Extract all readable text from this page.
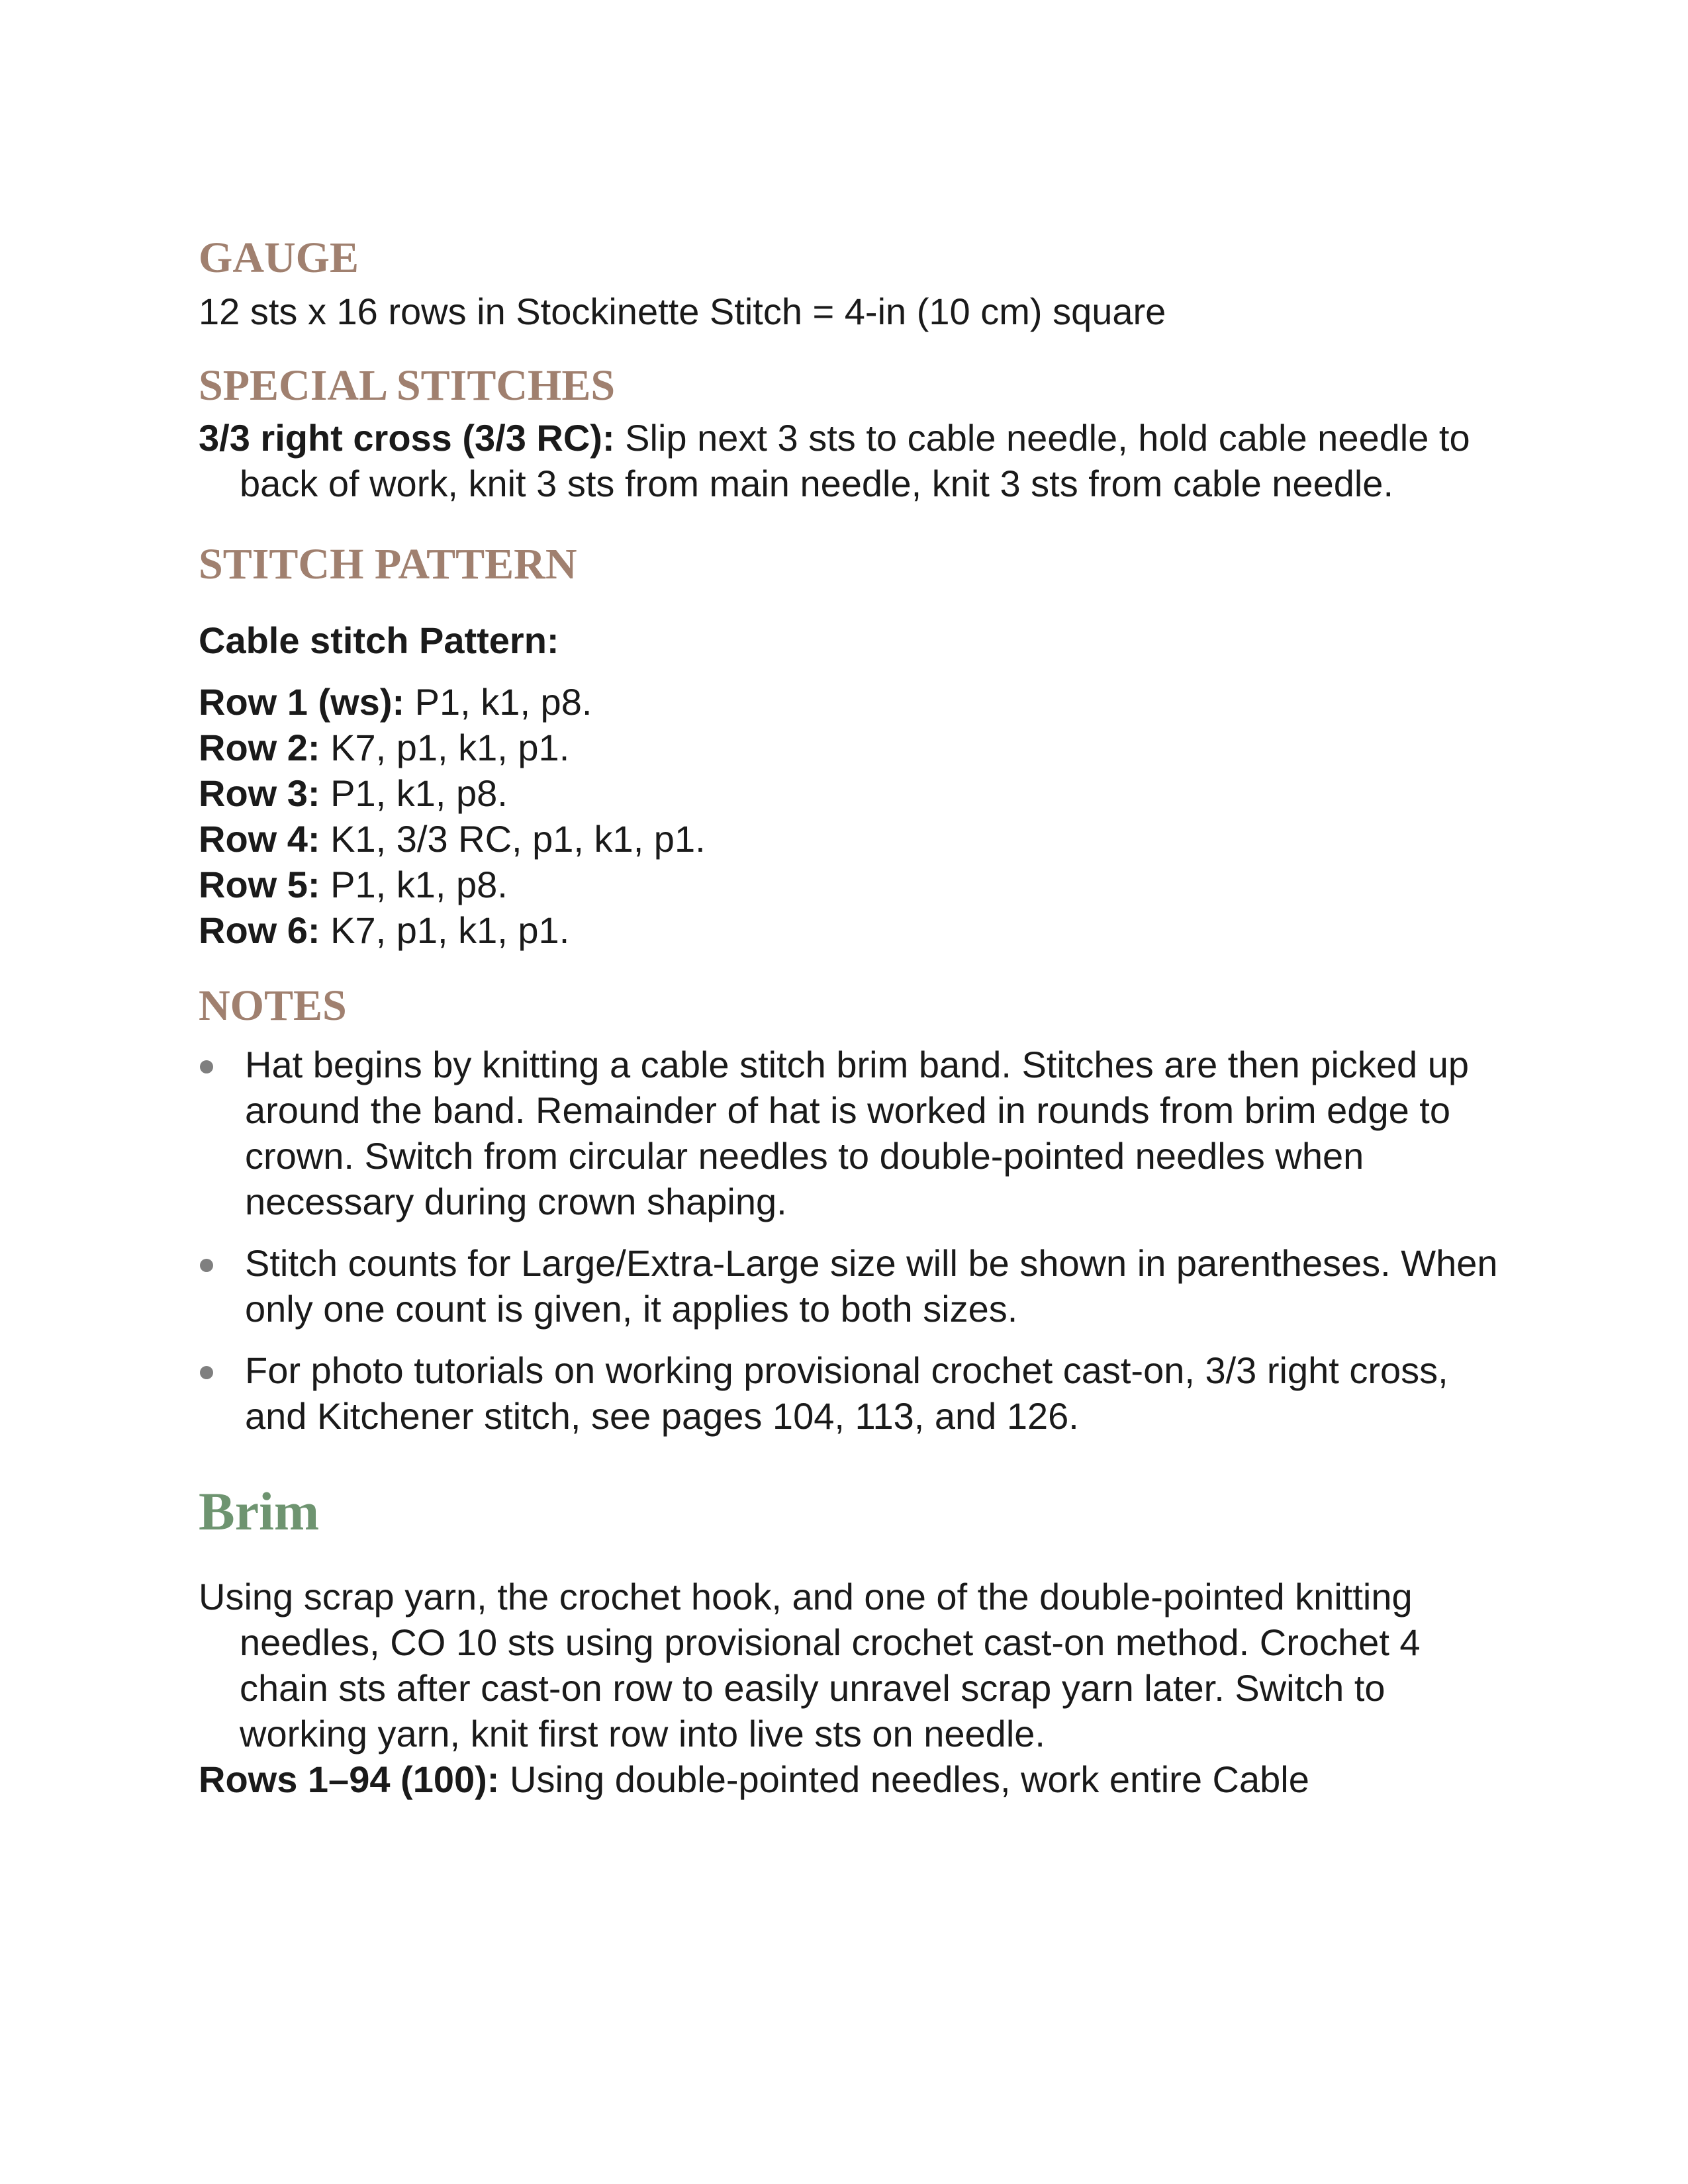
GAUGE

12 sts x 16 rows in Stockinette Stitch = 4-in (10 cm) square

SPECIAL STITCHES

3/3 right cross (3/3 RC): Slip next 3 sts to cable needle, hold cable needle to back of work, knit 3 sts from main needle, knit 3 sts from cable needle.

STITCH PATTERN

Cable stitch Pattern:

Row 1 (ws): P1, k1, p8.

Row 2: K7, p1, k1, p1.

Row 3: P1, k1, p8.

Row 4: K1, 3/3 RC, p1, k1, p1.

Row 5: P1, k1, p8.

Row 6: K7, p1, k1, p1.

NOTES
Hat begins by knitting a cable stitch brim band. Stitches are then picked up around the band. Remainder of hat is worked in rounds from brim edge to crown. Switch from circular needles to double-pointed needles when necessary during crown shaping.
Stitch counts for Large/Extra-Large size will be shown in parentheses. When only one count is given, it applies to both sizes.
For photo tutorials on working provisional crochet cast-on, 3/3 right cross, and Kitchener stitch, see pages 104, 113, and 126.
Brim

Using scrap yarn, the crochet hook, and one of the double-pointed knitting needles, CO 10 sts using provisional crochet cast-on method. Crochet 4 chain sts after cast-on row to easily unravel scrap yarn later. Switch to working yarn, knit first row into live sts on needle.

Rows 1–94 (100): Using double-pointed needles, work entire Cable
